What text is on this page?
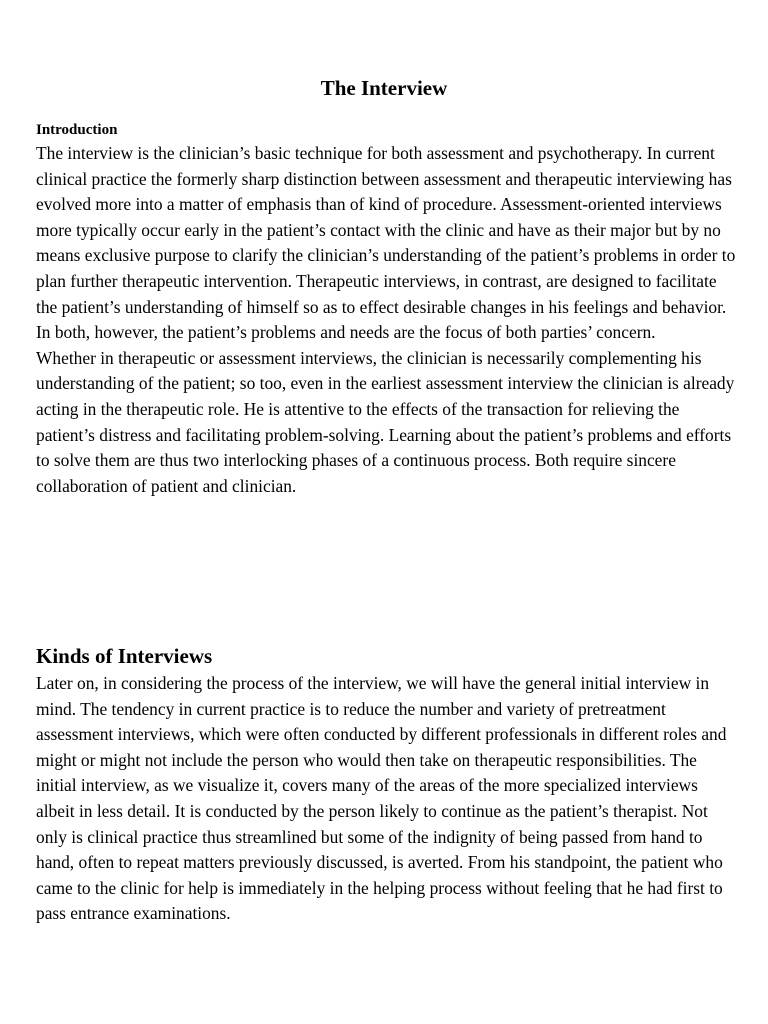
The Interview
Introduction

The interview is the clinician’s basic technique for both assessment and psychotherapy. In current clinical practice the formerly sharp distinction between assessment and therapeutic interviewing has evolved more into a matter of emphasis than of kind of procedure. Assessment-oriented interviews more typically occur early in the patient’s contact with the clinic and have as their major but by no means exclusive purpose to clarify the clinician’s understanding of the patient’s problems in order to plan further therapeutic intervention. Therapeutic interviews, in contrast, are designed to facilitate the patient’s understanding of himself so as to effect desirable changes in his feelings and behavior. In both, however, the patient’s problems and needs are the focus of both parties’ concern.

Whether in therapeutic or assessment interviews, the clinician is necessarily complementing his understanding of the patient; so too, even in the earliest assessment interview the clinician is already acting in the therapeutic role. He is attentive to the effects of the transaction for relieving the patient’s distress and facilitating problem-solving. Learning about the patient’s problems and efforts to solve them are thus two interlocking phases of a continuous process. Both require sincere collaboration of patient and clinician.

Kinds of Interviews

Later on, in considering the process of the interview, we will have the general initial interview in mind. The tendency in current practice is to reduce the number and variety of pretreatment assessment interviews, which were often conducted by different professionals in different roles and might or might not include the person who would then take on therapeutic responsibilities. The initial interview, as we visualize it, covers many of the areas of the more specialized interviews albeit in less detail. It is conducted by the person likely to continue as the patient’s therapist. Not only is clinical practice thus streamlined but some of the indignity of being passed from hand to hand, often to repeat matters previously discussed, is averted. From his standpoint, the patient who came to the clinic for help is immediately in the helping process without feeling that he had first to pass entrance examinations.
